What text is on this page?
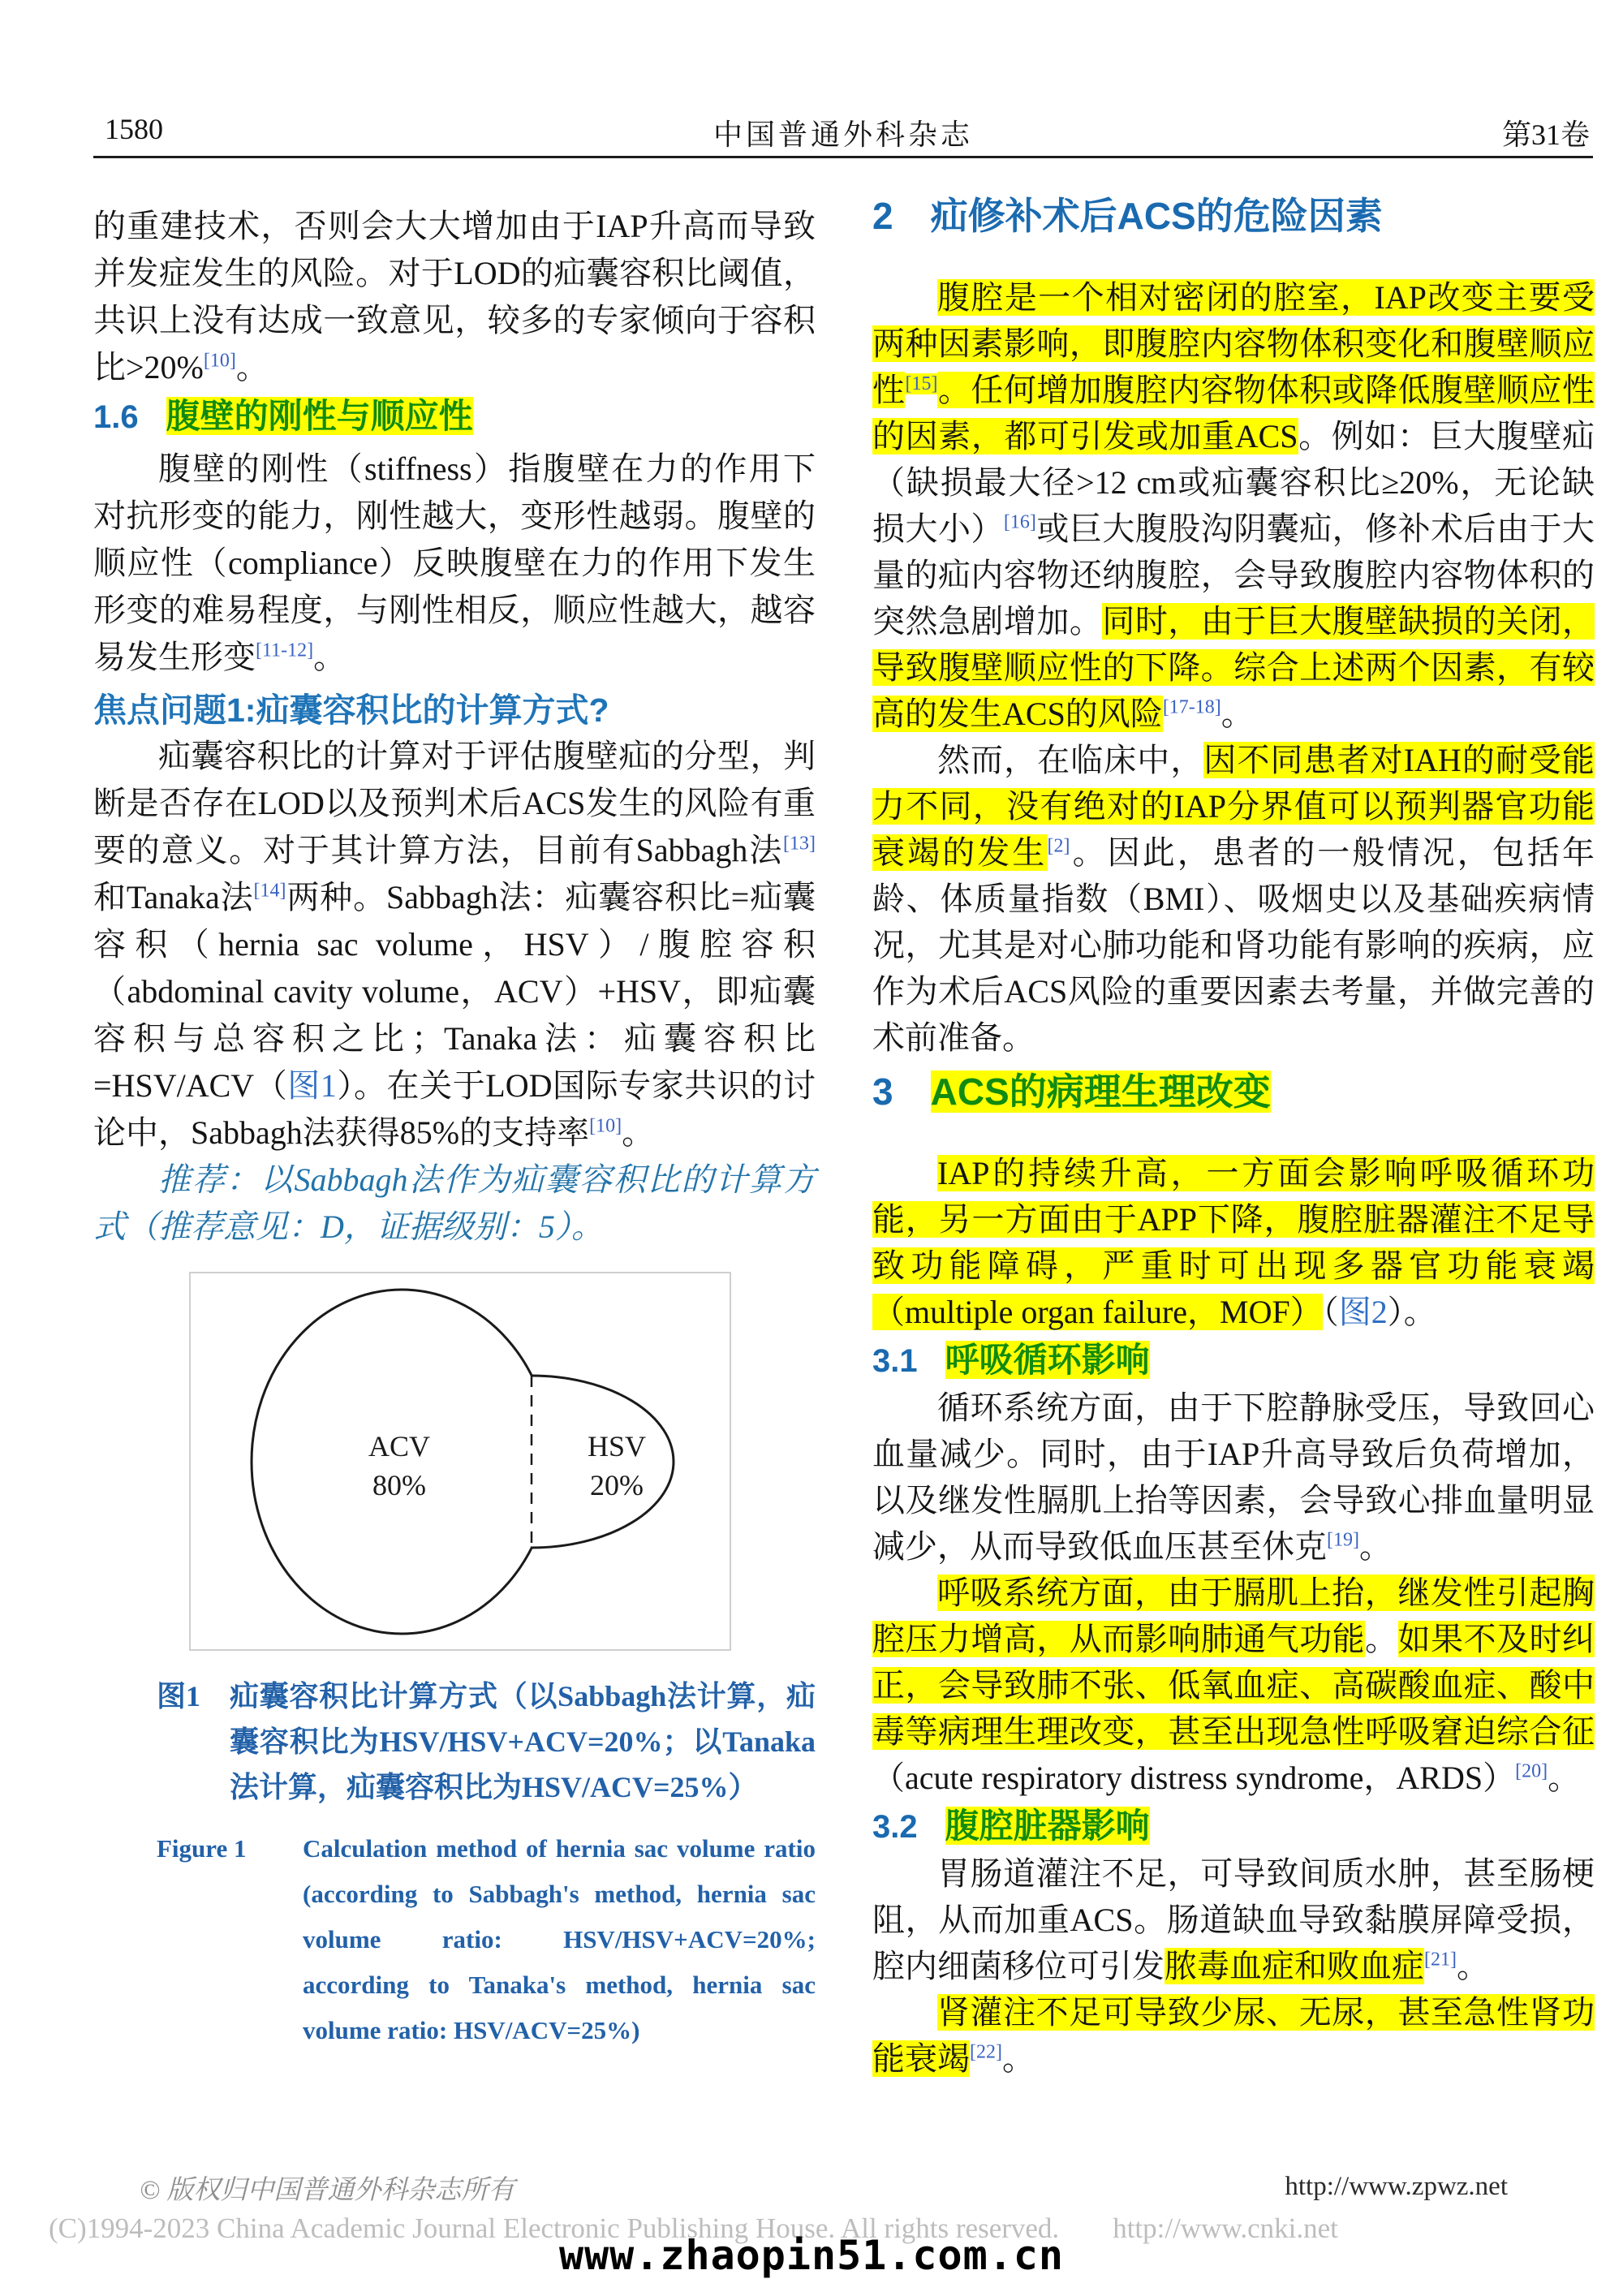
1580	中国普通外科杂志	第31卷

的重建技术，否则会大大增加由于IAP升高而导致并发症发生的风险。对于LOD的疝囊容积比阈值，共识上没有达成一致意见，较多的专家倾向于容积比>20%[10]。

1.6 腹壁的刚性与顺应性

腹壁的刚性（stiffness）指腹壁在力的作用下对抗形变的能力，刚性越大，变形性越弱。腹壁的顺应性（compliance）反映腹壁在力的作用下发生形变的难易程度，与刚性相反，顺应性越大，越容易发生形变[11-12]。

焦点问题1:疝囊容积比的计算方式?

疝囊容积比的计算对于评估腹壁疝的分型，判断是否存在LOD以及预判术后ACS发生的风险有重要的意义。对于其计算方法，目前有Sabbagh法[13]和Tanaka法[14]两种。Sabbagh法：疝囊容积比=疝囊容积（hernia sac volume，HSV）/腹腔容积（abdominal cavity volume，ACV）+HSV，即疝囊容积与总容积之比；Tanaka法：疝囊容积比=HSV/ACV（图1）。在关于LOD国际专家共识的讨论中，Sabbagh法获得85%的支持率[10]。

推荐：以Sabbagh法作为疝囊容积比的计算方式（推荐意见：D，证据级别：5）。

ACV
80%
HSV
20%
图1 疝囊容积比计算方式（以Sabbagh法计算，疝囊容积比为HSV/HSV+ACV=20%；以Tanaka法计算，疝囊容积比为HSV/ACV=25%）
Figure 1 Calculation method of hernia sac volume ratio (according to Sabbagh's method, hernia sac volume ratio: HSV/HSV+ACV=20%; according to Tanaka's method, hernia sac volume ratio: HSV/ACV=25%)
2 疝修补术后ACS的危险因素

腹腔是一个相对密闭的腔室，IAP改变主要受两种因素影响，即腹腔内容物体积变化和腹壁顺应性[15]。任何增加腹腔内容物体积或降低腹壁顺应性的因素，都可引发或加重ACS。例如：巨大腹壁疝（缺损最大径>12 cm或疝囊容积比≥20%，无论缺损大小）[16]或巨大腹股沟阴囊疝，修补术后由于大量的疝内容物还纳腹腔，会导致腹腔内容物体积的突然急剧增加。同时，由于巨大腹壁缺损的关闭，导致腹壁顺应性的下降。综合上述两个因素，有较高的发生ACS的风险[17-18]。

然而，在临床中，因不同患者对IAH的耐受能力不同，没有绝对的IAP分界值可以预判器官功能衰竭的发生[2]。因此，患者的一般情况，包括年龄、体质量指数（BMI）、吸烟史以及基础疾病情况，尤其是对心肺功能和肾功能有影响的疾病，应作为术后ACS风险的重要因素去考量，并做完善的术前准备。

3 ACS的病理生理改变

IAP的持续升高，一方面会影响呼吸循环功能，另一方面由于APP下降，腹腔脏器灌注不足导致功能障碍，严重时可出现多器官功能衰竭（multiple organ failure，MOF）（图2）。

3.1 呼吸循环影响

循环系统方面，由于下腔静脉受压，导致回心血量减少。同时，由于IAP升高导致后负荷增加，以及继发性膈肌上抬等因素，会导致心排血量明显减少，从而导致低血压甚至休克[19]。

呼吸系统方面，由于膈肌上抬，继发性引起胸腔压力增高，从而影响肺通气功能。如果不及时纠正，会导致肺不张、低氧血症、高碳酸血症、酸中毒等病理生理改变，甚至出现急性呼吸窘迫综合征（acute respiratory distress syndrome，ARDS）[20]。

3.2 腹腔脏器影响

胃肠道灌注不足，可导致间质水肿，甚至肠梗阻，从而加重ACS。肠道缺血导致黏膜屏障受损，腔内细菌移位可引发脓毒血症和败血症[21]。

肾灌注不足可导致少尿、无尿，甚至急性肾功能衰竭[22]。

© 版权归中国普通外科杂志所有	http://www.zpwz.net
(C)1994-2023 China Academic Journal Electronic Publishing House. All rights reserved. http://www.cnki.net
www.zhaopin51.com.cn
